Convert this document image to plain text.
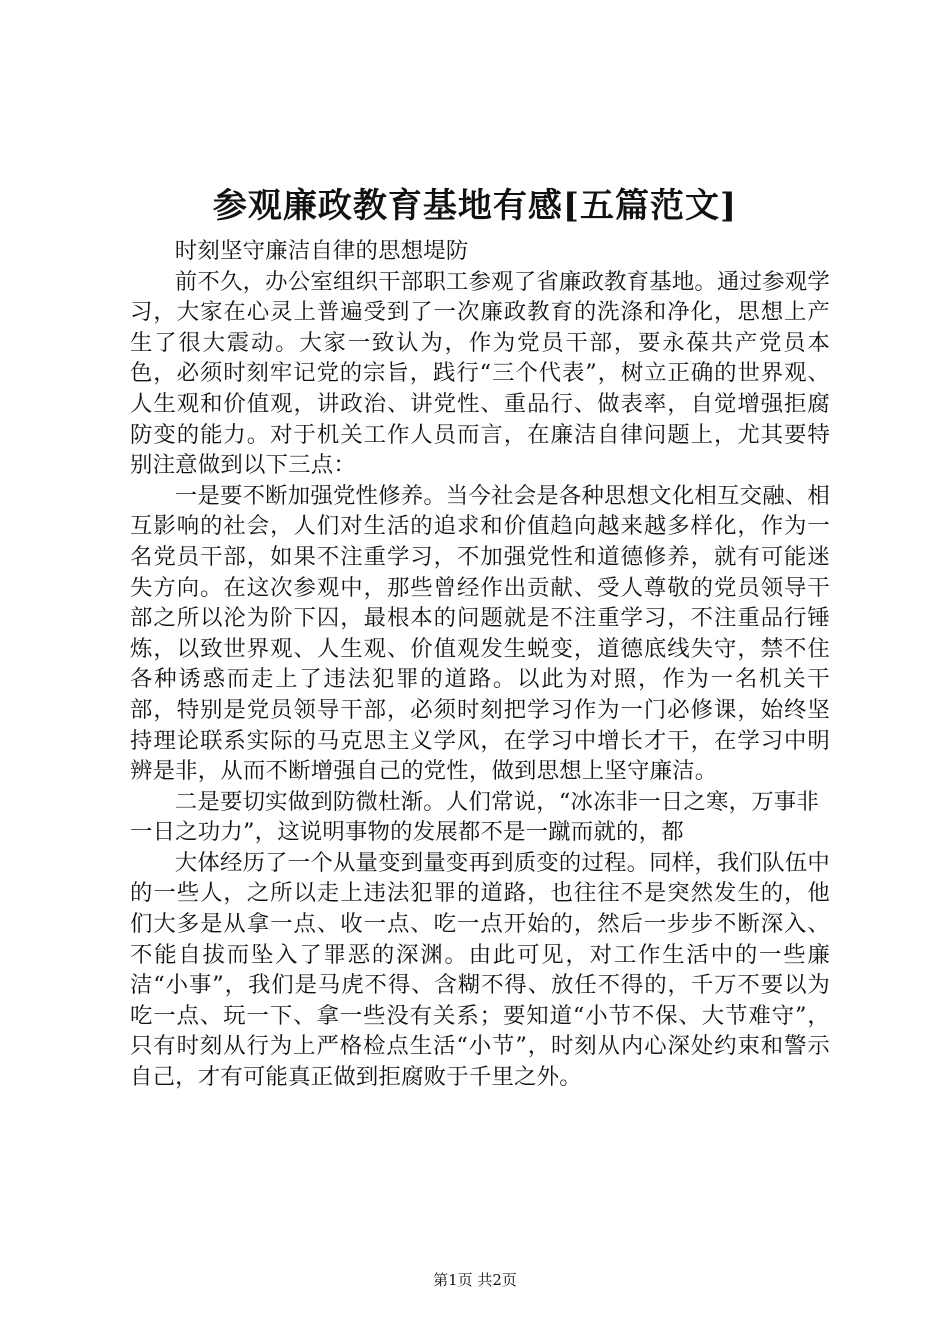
参观廉政教育基地有感[五篇范文]

时刻坚守廉洁自律的思想堤防

前不久，办公室组织干部职工参观了省廉政教育基地。通过参观学习，大家在心灵上普遍受到了一次廉政教育的洗涤和净化，思想上产生了很大震动。大家一致认为，作为党员干部，要永葆共产党员本色，必须时刻牢记党的宗旨，践行“三个代表”，树立正确的世界观、人生观和价值观，讲政治、讲党性、重品行、做表率，自觉增强拒腐防变的能力。对于机关工作人员而言，在廉洁自律问题上，尤其要特别注意做到以下三点：

一是要不断加强党性修养。当今社会是各种思想文化相互交融、相互影响的社会，人们对生活的追求和价值趋向越来越多样化，作为一名党员干部，如果不注重学习，不加强党性和道德修养，就有可能迷失方向。在这次参观中，那些曾经作出贡献、受人尊敬的党员领导干部之所以沦为阶下囚，最根本的问题就是不注重学习，不注重品行锤炼，以致世界观、人生观、价值观发生蜕变，道德底线失守，禁不住各种诱惑而走上了违法犯罪的道路。以此为对照，作为一名机关干部，特别是党员领导干部，必须时刻把学习作为一门必修课，始终坚持理论联系实际的马克思主义学风，在学习中增长才干，在学习中明辨是非，从而不断增强自己的党性，做到思想上坚守廉洁。

二是要切实做到防微杜渐。人们常说，“冰冻非一日之寒，万事非一日之功力”，这说明事物的发展都不是一蹴而就的，都

大体经历了一个从量变到量变再到质变的过程。同样，我们队伍中的一些人，之所以走上违法犯罪的道路，也往往不是突然发生的，他们大多是从拿一点、收一点、吃一点开始的，然后一步步不断深入、不能自拔而坠入了罪恶的深渊。由此可见，对工作生活中的一些廉洁“小事”，我们是马虎不得、含糊不得、放任不得的，千万不要以为吃一点、玩一下、拿一些没有关系；要知道“小节不保、大节难守”，只有时刻从行为上严格检点生活“小节”，时刻从内心深处约束和警示自己，才有可能真正做到拒腐败于千里之外。

第1页 共2页
